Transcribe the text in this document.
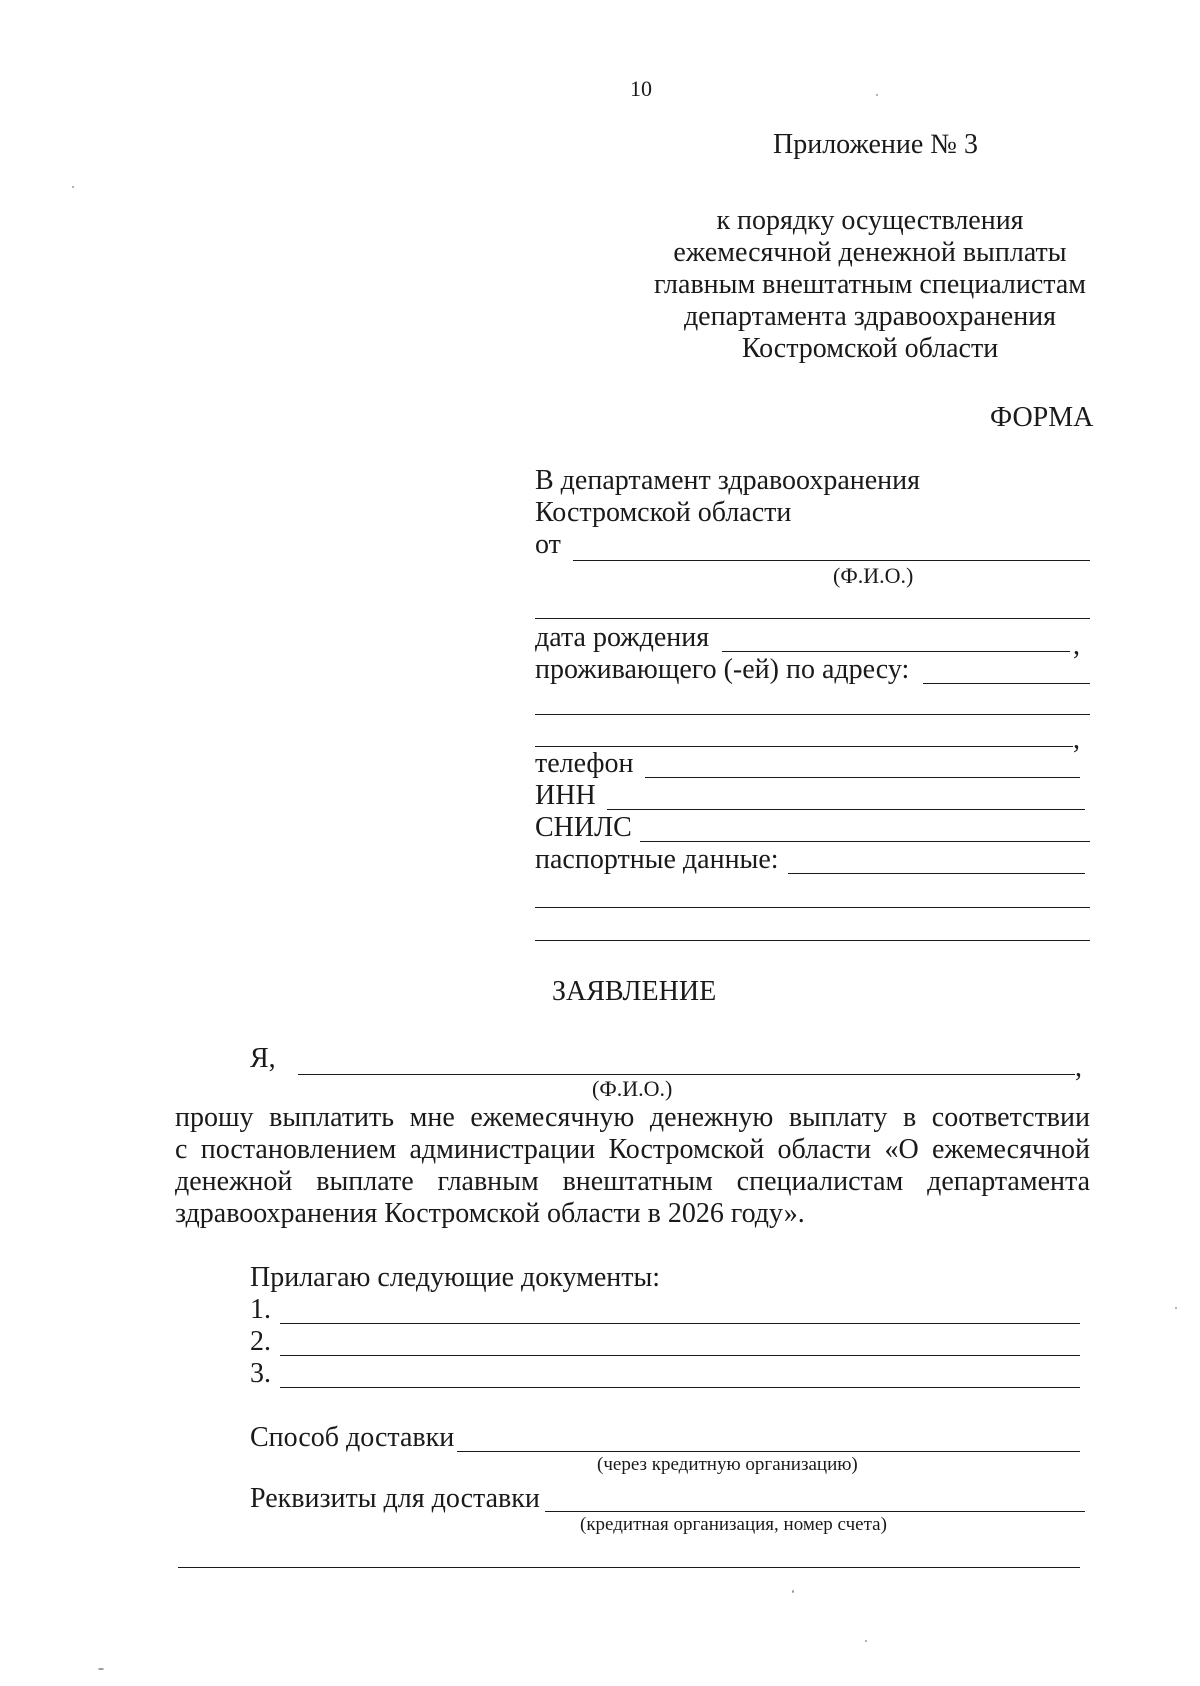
10
Приложение № 3
к порядку осуществления
ежемесячной денежной выплаты
главным внештатным специалистам
департамента здравоохранения
Костромской области
ФОРМА
В департамент здравоохранения
Костромской области
от
(Ф.И.О.)
дата рождения	,
проживающего (-ей) по адресу:
,
телефон
ИНН
СНИЛС
паспортные данные:
ЗАЯВЛЕНИЕ
Я,	,
(Ф.И.О.)
прошу выплатить мне ежемесячную денежную выплату в соответствии
с постановлением администрации Костромской области «О ежемесячной
денежной выплате главным внештатным специалистам департамента
здравоохранения Костромской области в 2026 году».
Прилагаю следующие документы:
1.
2.
3.
Способ доставки
(через кредитную организацию)
Реквизиты для доставки
(кредитная организация, номер счета)
